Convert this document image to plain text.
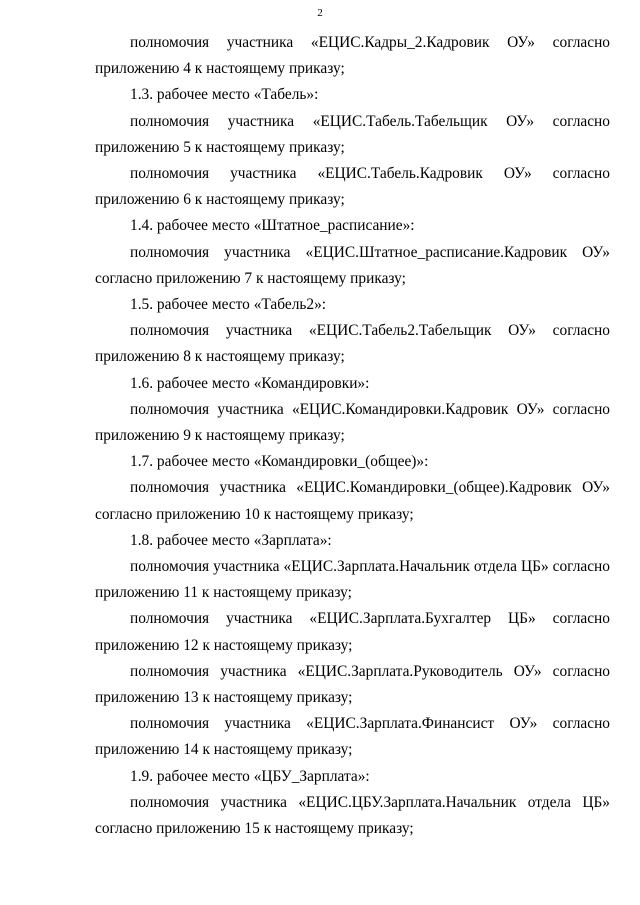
2

полномочия участника «ЕЦИС.Кадры_2.Кадровик ОУ» согласно
приложению 4 к настоящему приказу;

1.3. рабочее место «Табель»:

полномочия участника «ЕЦИС.Табель.Табельщик ОУ» согласно
приложению 5 к настоящему приказу;

полномочия участника «ЕЦИС.Табель.Кадровик ОУ» согласно
приложению 6 к настоящему приказу;

1.4. рабочее место «Штатное_расписание»:

полномочия участника «ЕЦИС.Штатное_расписание.Кадровик ОУ»
согласно приложению 7 к настоящему приказу;

1.5. рабочее место «Табель2»:

полномочия участника «ЕЦИС.Табель2.Табельщик ОУ» согласно
приложению 8 к настоящему приказу;

1.6. рабочее место «Командировки»:

полномочия участника «ЕЦИС.Командировки.Кадровик ОУ» согласно
приложению 9 к настоящему приказу;

1.7. рабочее место «Командировки_(общее)»:

полномочия участника «ЕЦИС.Командировки_(общее).Кадровик ОУ»
согласно приложению 10 к настоящему приказу;

1.8. рабочее место «Зарплата»:

полномочия участника «ЕЦИС.Зарплата.Начальник отдела ЦБ» согласно
приложению 11 к настоящему приказу;

полномочия участника «ЕЦИС.Зарплата.Бухгалтер ЦБ» согласно
приложению 12 к настоящему приказу;

полномочия участника «ЕЦИС.Зарплата.Руководитель ОУ» согласно
приложению 13 к настоящему приказу;

полномочия участника «ЕЦИС.Зарплата.Финансист ОУ» согласно
приложению 14 к настоящему приказу;

1.9. рабочее место «ЦБУ_Зарплата»:

полномочия участника «ЕЦИС.ЦБУ.Зарплата.Начальник отдела ЦБ»
согласно приложению 15 к настоящему приказу;
